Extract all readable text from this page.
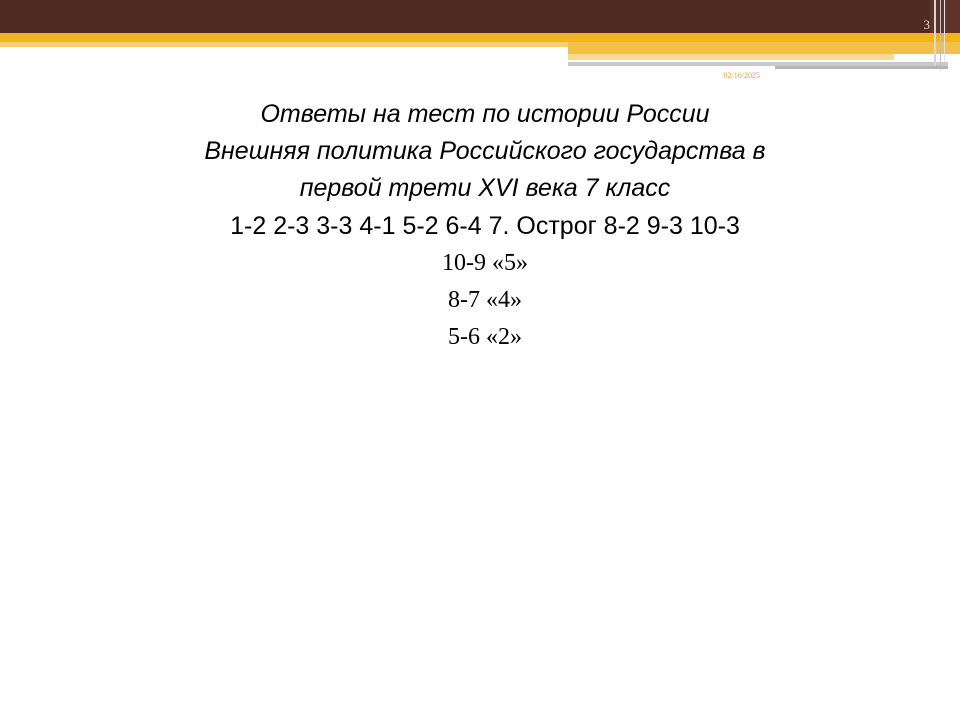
3
02/16/2025
Ответы на тест по истории России
Внешняя политика Российского государства в
первой трети XVI века 7 класс
1-2 2-3 3-3 4-1 5-2 6-4 7. Острог 8-2 9-3 10-3
10-9 «5»
8-7 «4»
5-6 «2»
